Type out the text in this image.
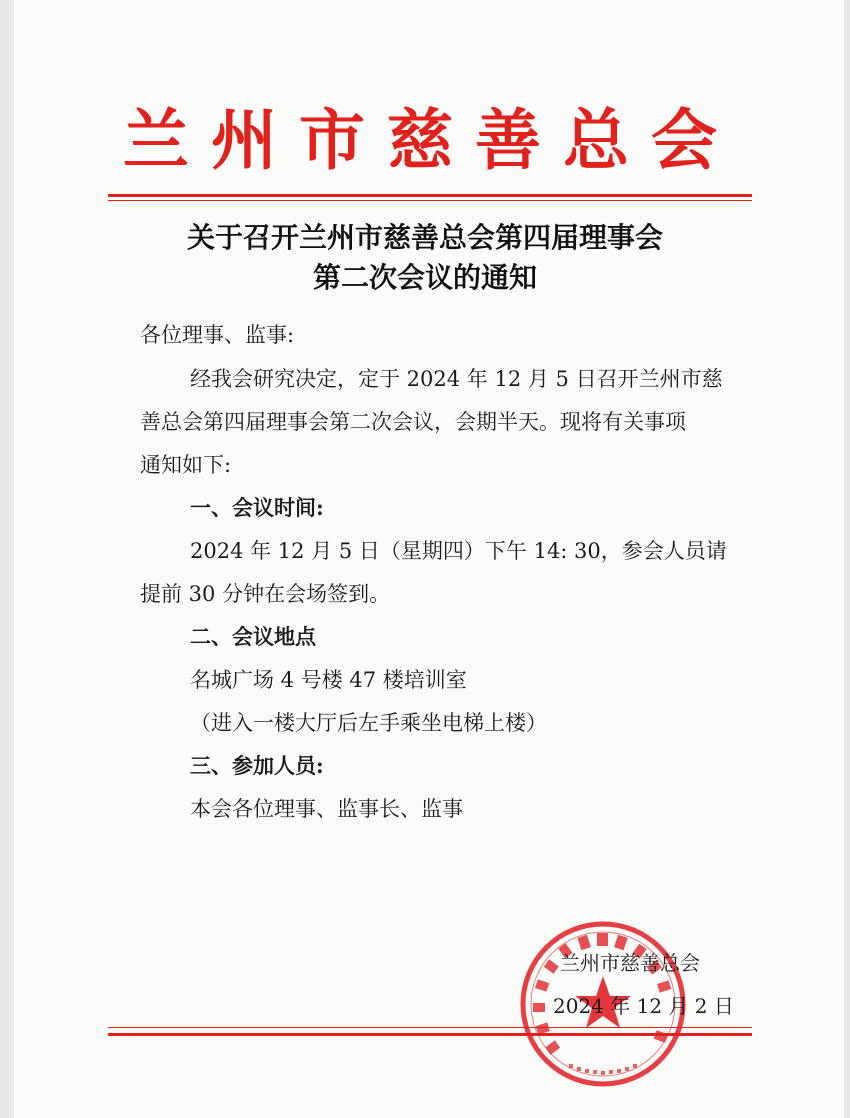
兰州市慈善总会
关于召开兰州市慈善总会第四届理事会
第二次会议的通知
各位理事、监事:
经我会研究决定，定于 2024 年 12 月 5 日召开兰州市慈
善总会第四届理事会第二次会议，会期半天。现将有关事项
通知如下:
一、会议时间:
2024 年 12 月 5 日（星期四）下午 14: 30，参会人员请
提前 30 分钟在会场签到。
二、会议地点
名城广场 4 号楼 47 楼培训室
（进入一楼大厅后左手乘坐电梯上楼）
三、参加人员:
本会各位理事、监事长、监事
兰州市慈善总会
2024 年 12 月 2 日
